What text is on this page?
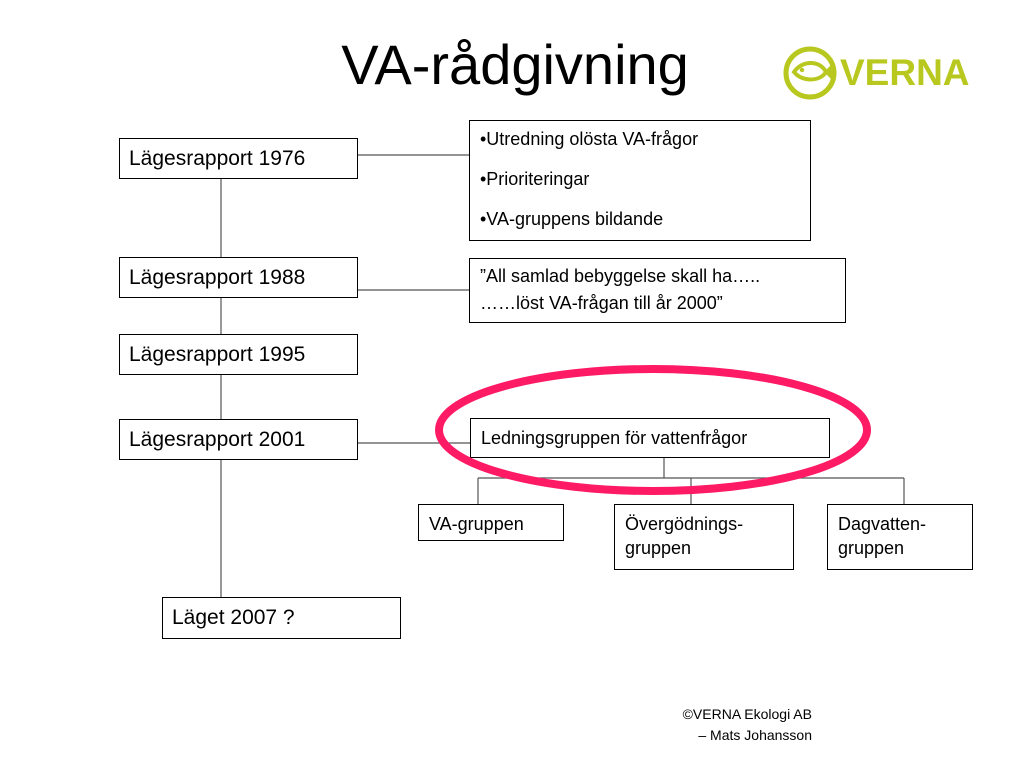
VA-rådgivning	VERNA
Lägesrapport 1976
Lägesrapport 1988
Lägesrapport 1995
Lägesrapport 2001
Läget 2007 ?
•Utredning olösta VA-frågor
•Prioriteringar
•VA-gruppens bildande
”All samlad bebyggelse skall ha…..
……löst VA-frågan till år 2000”
Ledningsgruppen för vattenfrågor
VA-gruppen	Övergödnings-
gruppen
Dagvatten-
gruppen
©VERNA Ekologi AB
– Mats Johansson
